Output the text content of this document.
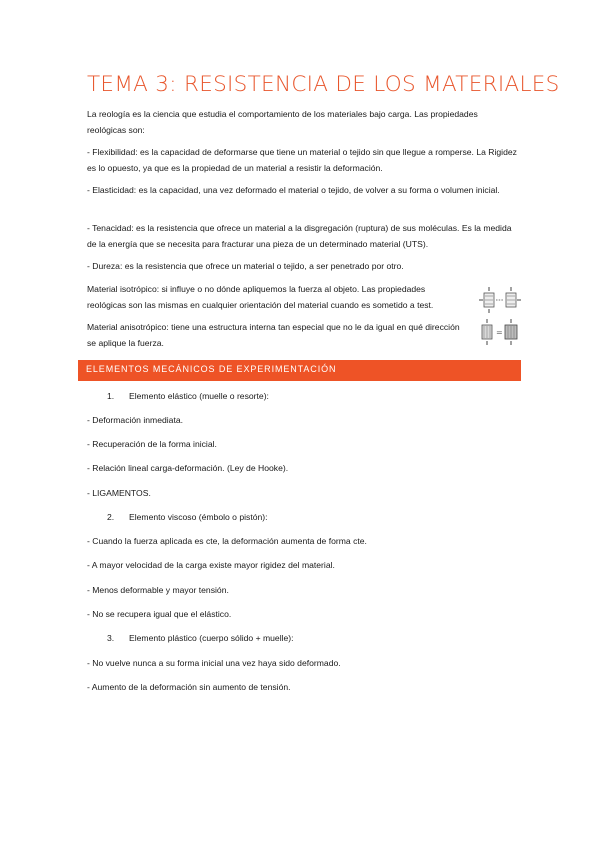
TEMA 3: RESISTENCIA DE LOS MATERIALES
La reología es la ciencia que estudia el comportamiento de los materiales bajo carga. Las propiedades reológicas son:
- Flexibilidad: es la capacidad de deformarse que tiene un material o tejido sin que llegue a romperse. La Rigidez es lo opuesto, ya que es la propiedad de un material a resistir la deformación.
- Elasticidad: es la capacidad, una vez deformado el material o tejido, de volver a su forma o volumen inicial.
- Tenacidad: es la resistencia que ofrece un material a la disgregación (ruptura) de sus moléculas. Es la medida de la energía que se necesita para fracturar una pieza de un determinado material (UTS).
- Dureza: es la resistencia que ofrece un material o tejido, a ser penetrado por otro.
Material isotrópico: si influye o no dónde apliquemos la fuerza al objeto. Las propiedades reológicas son las mismas en cualquier orientación del material cuando es sometido a test.
Material anisotrópico: tiene una estructura interna tan especial que no le da igual en qué dirección se aplique la fuerza.
=
ELEMENTOS MECÁNICOS DE EXPERIMENTACIÓN
1. Elemento elástico (muelle o resorte):
- Deformación inmediata.
- Recuperación de la forma inicial.
- Relación lineal carga-deformación. (Ley de Hooke).
- LIGAMENTOS.
2. Elemento viscoso (émbolo o pistón):
- Cuando la fuerza aplicada es cte, la deformación aumenta de forma cte.
- A mayor velocidad de la carga existe mayor rigidez del material.
- Menos deformable y mayor tensión.
- No se recupera igual que el elástico.
3. Elemento plástico (cuerpo sólido + muelle):
- No vuelve nunca a su forma inicial una vez haya sido deformado.
- Aumento de la deformación sin aumento de tensión.
